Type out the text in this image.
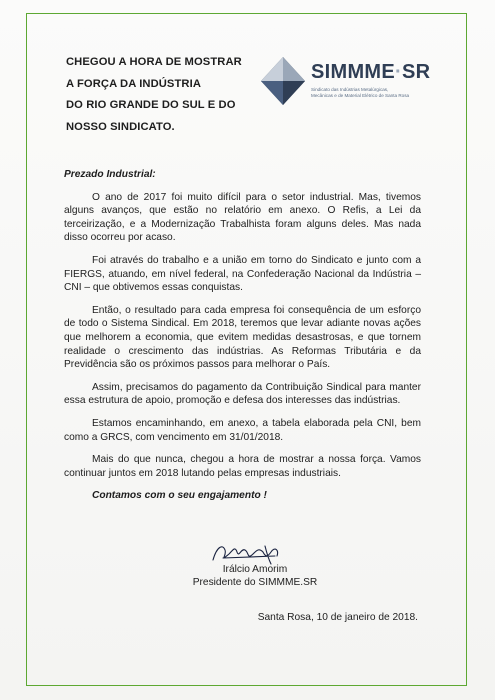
CHEGOU A HORA DE MOSTRAR
A FORÇA DA INDÚSTRIA
DO RIO GRANDE DO SUL E DO
NOSSO SINDICATO.
SIMMME·SR
Sindicato das Indústrias Metalúrgicas,
Mecânicas e de Material Elétrico de Santa Rosa
Prezado Industrial:

O ano de 2017 foi muito difícil para o setor industrial. Mas, tivemos alguns avanços, que estão no relatório em anexo. O Refis, a Lei da terceirização, e a Modernização Trabalhista foram alguns deles. Mas nada disso ocorreu por acaso.

Foi através do trabalho e a união em torno do Sindicato e junto com a FIERGS, atuando, em nível federal, na Confederação Nacional da Indústria – CNI – que obtivemos essas conquistas.

Então, o resultado para cada empresa foi consequência de um esforço de todo o Sistema Sindical. Em 2018, teremos que levar adiante novas ações que melhorem a economia, que evitem medidas desastrosas, e que tornem realidade o crescimento das indústrias. As Reformas Tributária e da Previdência são os próximos passos para melhorar o País.

Assim, precisamos do pagamento da Contribuição Sindical para manter essa estrutura de apoio, promoção e defesa dos interesses das indústrias.

Estamos encaminhando, em anexo, a tabela elaborada pela CNI, bem como a GRCS, com vencimento em 31/01/2018.

Mais do que nunca, chegou a hora de mostrar a nossa força. Vamos continuar juntos em 2018 lutando pelas empresas industriais.

Contamos com o seu engajamento !
Irálcio Amorim
Presidente do SIMMME.SR
Santa Rosa, 10 de janeiro de 2018.
